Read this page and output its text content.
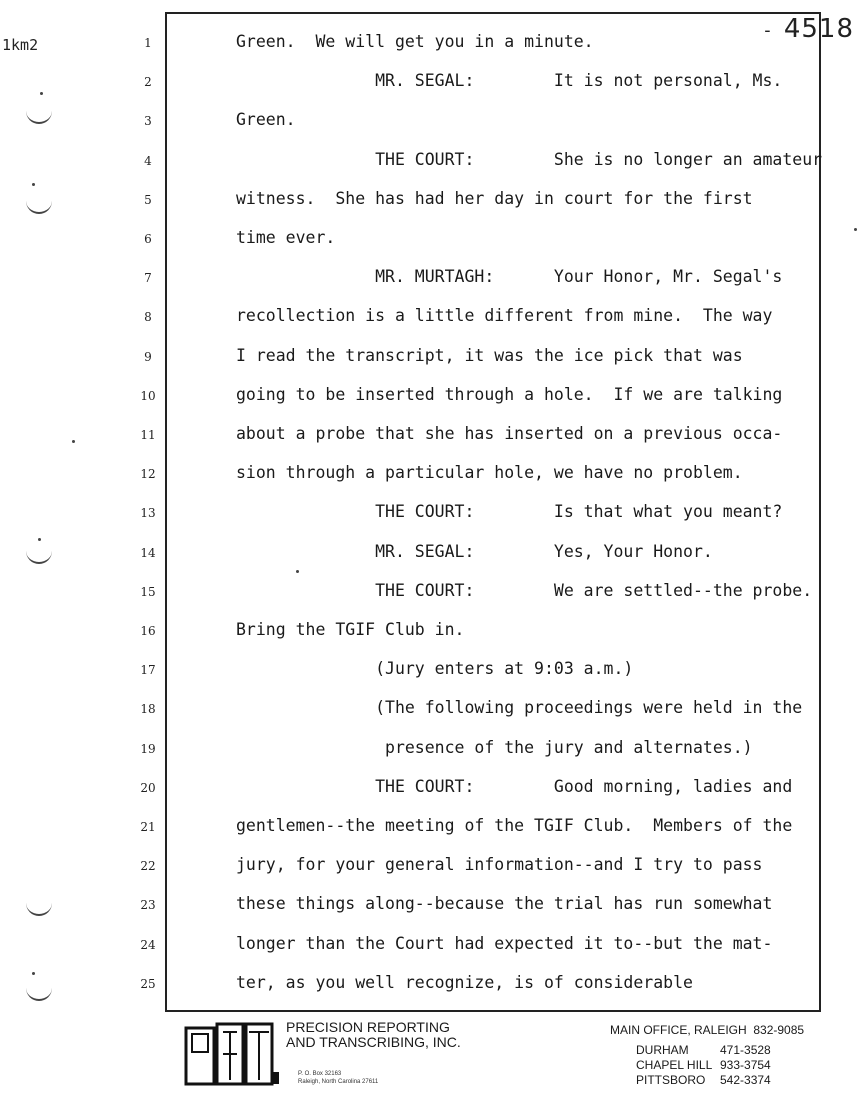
1km2
- 4518
1	Green.  We will get you in a minute.
2	MR. SEGAL:        It is not personal, Ms.
3	Green.
4	THE COURT:        She is no longer an amateur
5	witness.  She has had her day in court for the first
6	time ever.
7	MR. MURTAGH:      Your Honor, Mr. Segal's
8	recollection is a little different from mine.  The way
9	I read the transcript, it was the ice pick that was
10	going to be inserted through a hole.  If we are talking
11	about a probe that she has inserted on a previous occa-
12	sion through a particular hole, we have no problem.
13	THE COURT:        Is that what you meant?
14	MR. SEGAL:        Yes, Your Honor.
15	THE COURT:        We are settled--the probe.
16	Bring the TGIF Club in.
17	(Jury enters at 9:03 a.m.)
18	(The following proceedings were held in the
19	presence of the jury and alternates.)
20	THE COURT:        Good morning, ladies and
21	gentlemen--the meeting of the TGIF Club.  Members of the
22	jury, for your general information--and I try to pass
23	these things along--because the trial has run somewhat
24	longer than the Court had expected it to--but the mat-
25	ter, as you well recognize, is of considerable
P&T	PRECISION REPORTING
AND TRANSCRIBING, INC.
P. O. Box 32163
Raleigh, North Carolina 27611
MAIN OFFICE, RALEIGH  832-9085
DURHAM	471-3528
CHAPEL HILL 933-3754
PITTSBORO 542-3374
